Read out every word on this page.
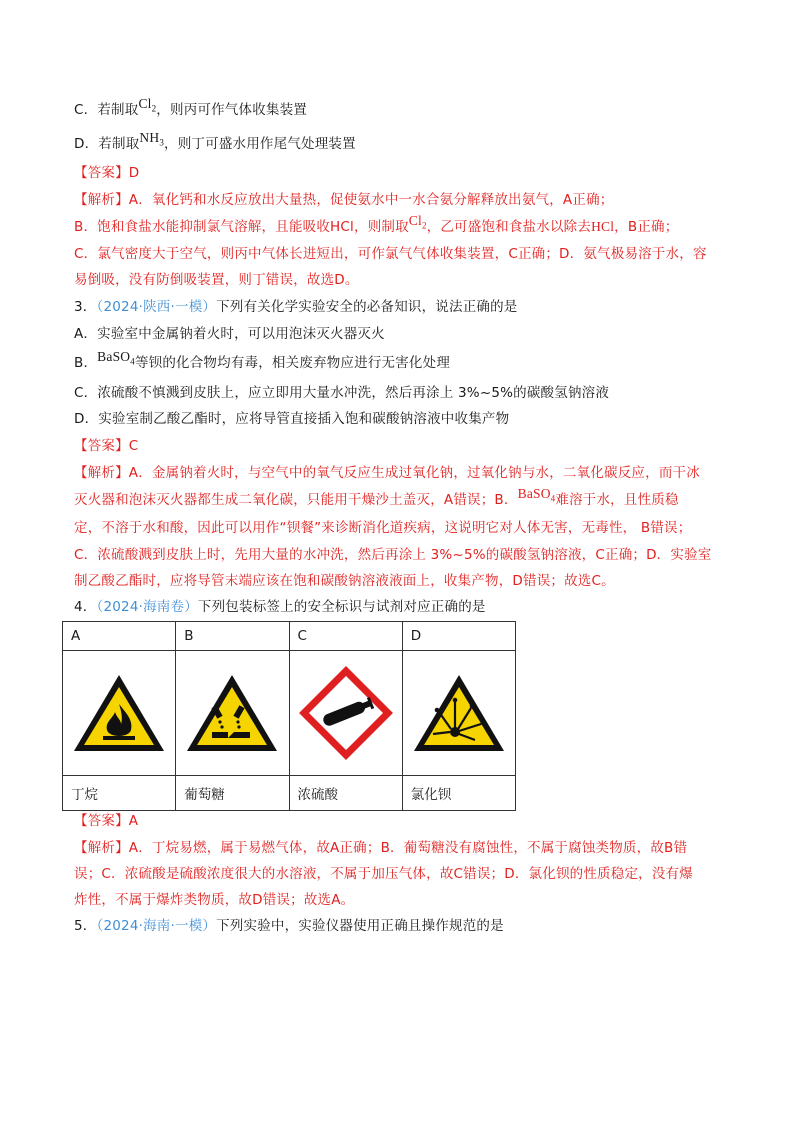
C．若制取$Cl_2$，则丙可作气体收集装置
D．若制取$NH_3$，则丁可盛水用作尾气处理装置
【答案】D
【解析】A．氧化钙和水反应放出大量热，促使氨水中一水合氨分解释放出氨气，A正确；
B．饱和食盐水能抑制氯气溶解，且能吸收HCl，则制取$Cl_2$，乙可盛饱和食盐水以除去HCl，B正确；
C．氯气密度大于空气，则丙中气体长进短出，可作氯气气体收集装置，C正确；D．氨气极易溶于水，容
易倒吸，没有防倒吸装置，则丁错误，故选D。
3．（2024·陕西·一模）下列有关化学实验安全的必备知识，说法正确的是
A．实验室中金属钠着火时，可以用泡沫灭火器灭火
B．BaSO$_4$等钡的化合物均有毒，相关废弃物应进行无害化处理
C．浓硫酸不慎溅到皮肤上，应立即用大量水冲洗，然后再涂上 3%~5%的碳酸氢钠溶液
D．实验室制乙酸乙酯时，应将导管直接插入饱和碳酸钠溶液中收集产物
【答案】C
【解析】A．金属钠着火时，与空气中的氧气反应生成过氧化钠，过氧化钠与水，二氧化碳反应，而干冰
灭火器和泡沫灭火器都生成二氧化碳，只能用干燥沙土盖灭，A错误；B．BaSO$_4$难溶于水，且性质稳
定，不溶于水和酸，因此可以用作“钡餐”来诊断消化道疾病，这说明它对人体无害，无毒性， B错误；
C．浓硫酸溅到皮肤上时，先用大量的水冲洗，然后再涂上 3%~5%的碳酸氢钠溶液，C正确；D．实验室
制乙酸乙酯时，应将导管末端应该在饱和碳酸钠溶液液面上，收集产物，D错误；故选C。
4．（2024·海南卷）下列包装标签上的安全标识与试剂对应正确的是
A	B	C	D

丁烷	葡萄糖	浓硫酸	氯化钡
【答案】A
【解析】A．丁烷易燃，属于易燃气体，故A正确；B．葡萄糖没有腐蚀性，不属于腐蚀类物质，故B错
误；C．浓硫酸是硫酸浓度很大的水溶液，不属于加压气体，故C错误；D．氯化钡的性质稳定，没有爆
炸性，不属于爆炸类物质，故D错误；故选A。
5．（2024·海南·一模）下列实验中，实验仪器使用正确且操作规范的是
